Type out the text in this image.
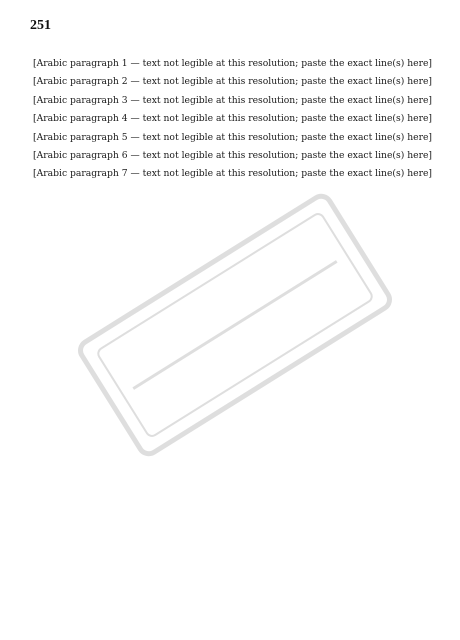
251

[Arabic paragraph 1 — text not legible at this resolution; paste the exact line(s) here]

[Arabic paragraph 2 — text not legible at this resolution; paste the exact line(s) here]

[Arabic paragraph 3 — text not legible at this resolution; paste the exact line(s) here]

[Arabic paragraph 4 — text not legible at this resolution; paste the exact line(s) here]

[Arabic paragraph 5 — text not legible at this resolution; paste the exact line(s) here]

[Arabic paragraph 6 — text not legible at this resolution; paste the exact line(s) here]

[Arabic paragraph 7 — text not legible at this resolution; paste the exact line(s) here]
